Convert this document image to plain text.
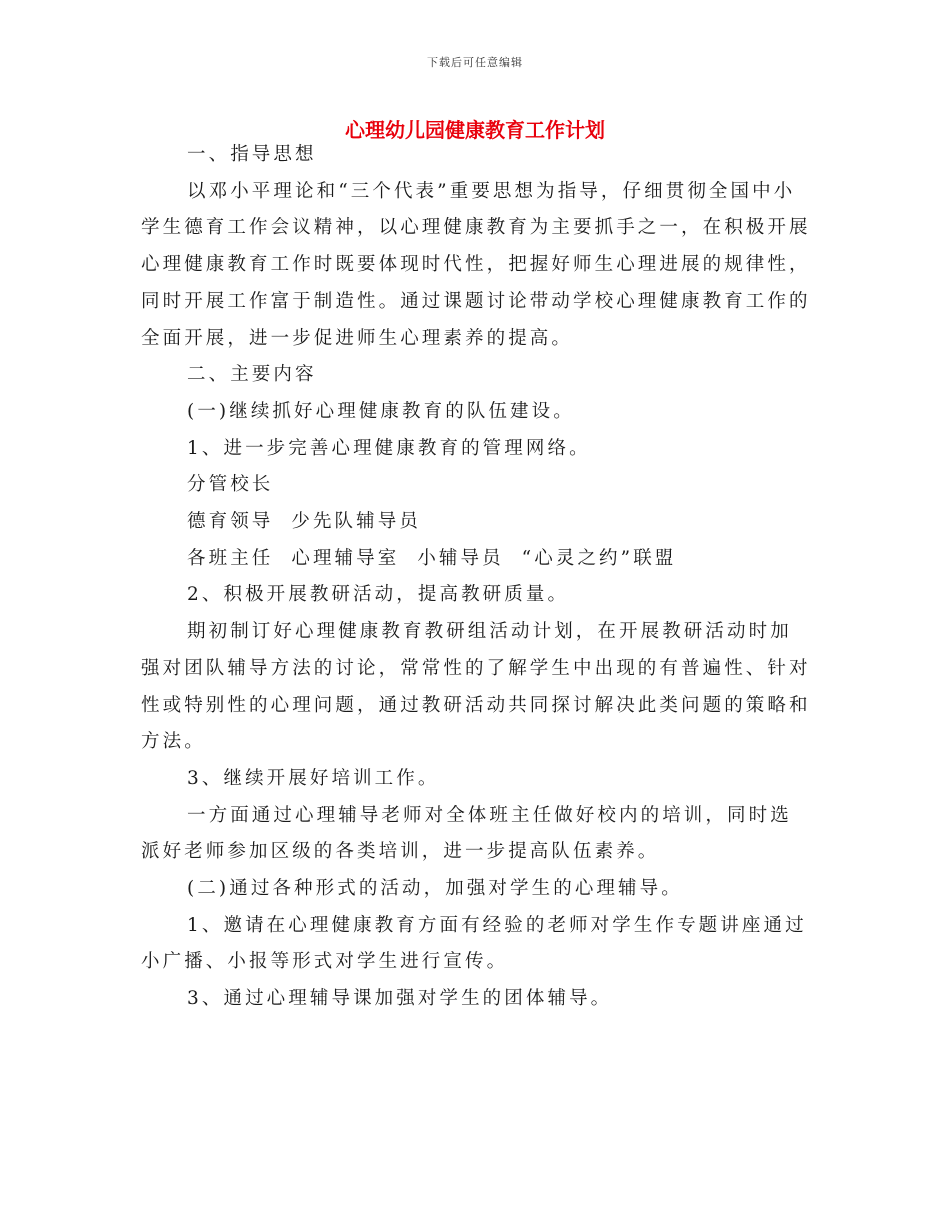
下载后可任意编辑
心理幼儿园健康教育工作计划

一、指导思想

以邓小平理论和“三个代表”重要思想为指导，仔细贯彻全国中小学生德育工作会议精神，以心理健康教育为主要抓手之一，在积极开展心理健康教育工作时既要体现时代性，把握好师生心理进展的规律性，同时开展工作富于制造性。通过课题讨论带动学校心理健康教育工作的全面开展，进一步促进师生心理素养的提高。

二、主要内容

(一)继续抓好心理健康教育的队伍建设。

1、进一步完善心理健康教育的管理网络。

分管校长

德育领导  少先队辅导员

各班主任  心理辅导室  小辅导员  “心灵之约”联盟

2、积极开展教研活动，提高教研质量。

期初制订好心理健康教育教研组活动计划，在开展教研活动时加强对团队辅导方法的讨论，常常性的了解学生中出现的有普遍性、针对性或特别性的心理问题，通过教研活动共同探讨解决此类问题的策略和方法。

3、继续开展好培训工作。

一方面通过心理辅导老师对全体班主任做好校内的培训，同时选派好老师参加区级的各类培训，进一步提高队伍素养。

(二)通过各种形式的活动，加强对学生的心理辅导。

1、邀请在心理健康教育方面有经验的老师对学生作专题讲座通过小广播、小报等形式对学生进行宣传。

3、通过心理辅导课加强对学生的团体辅导。
